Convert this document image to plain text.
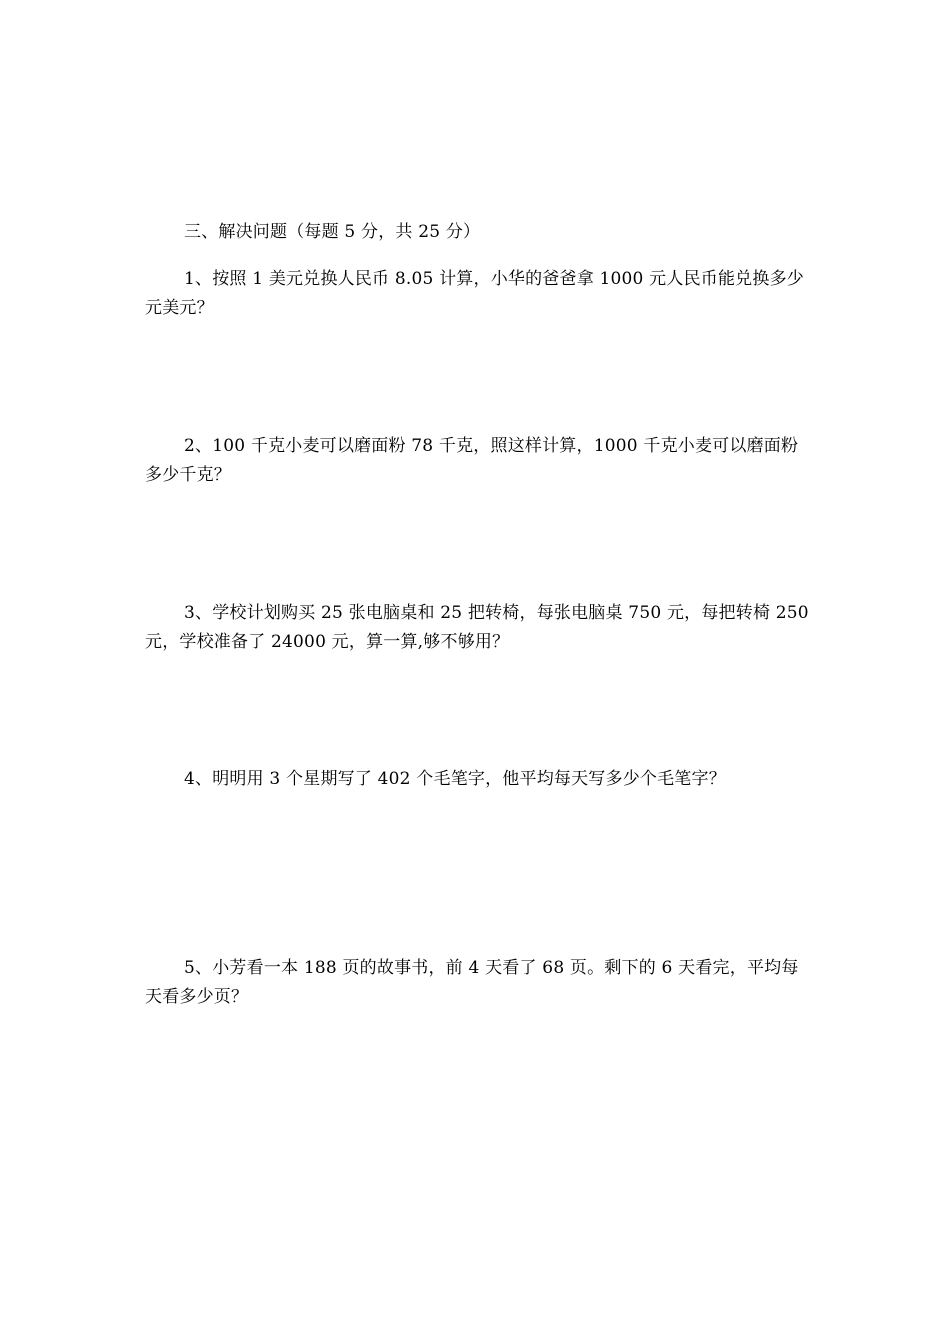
三、解决问题（每题 5 分，共 25 分）

1、按照 1 美元兑换人民币 8.05 计算，小华的爸爸拿 1000 元人民币能兑换多少元美元？

2、100 千克小麦可以磨面粉 78 千克，照这样计算，1000 千克小麦可以磨面粉多少千克？

3、学校计划购买 25 张电脑桌和 25 把转椅，每张电脑桌 750 元，每把转椅 250 元，学校准备了 24000 元，算一算,够不够用？

4、明明用 3 个星期写了 402 个毛笔字，他平均每天写多少个毛笔字？

5、小芳看一本 188 页的故事书，前 4 天看了 68 页。剩下的 6 天看完，平均每天看多少页？
